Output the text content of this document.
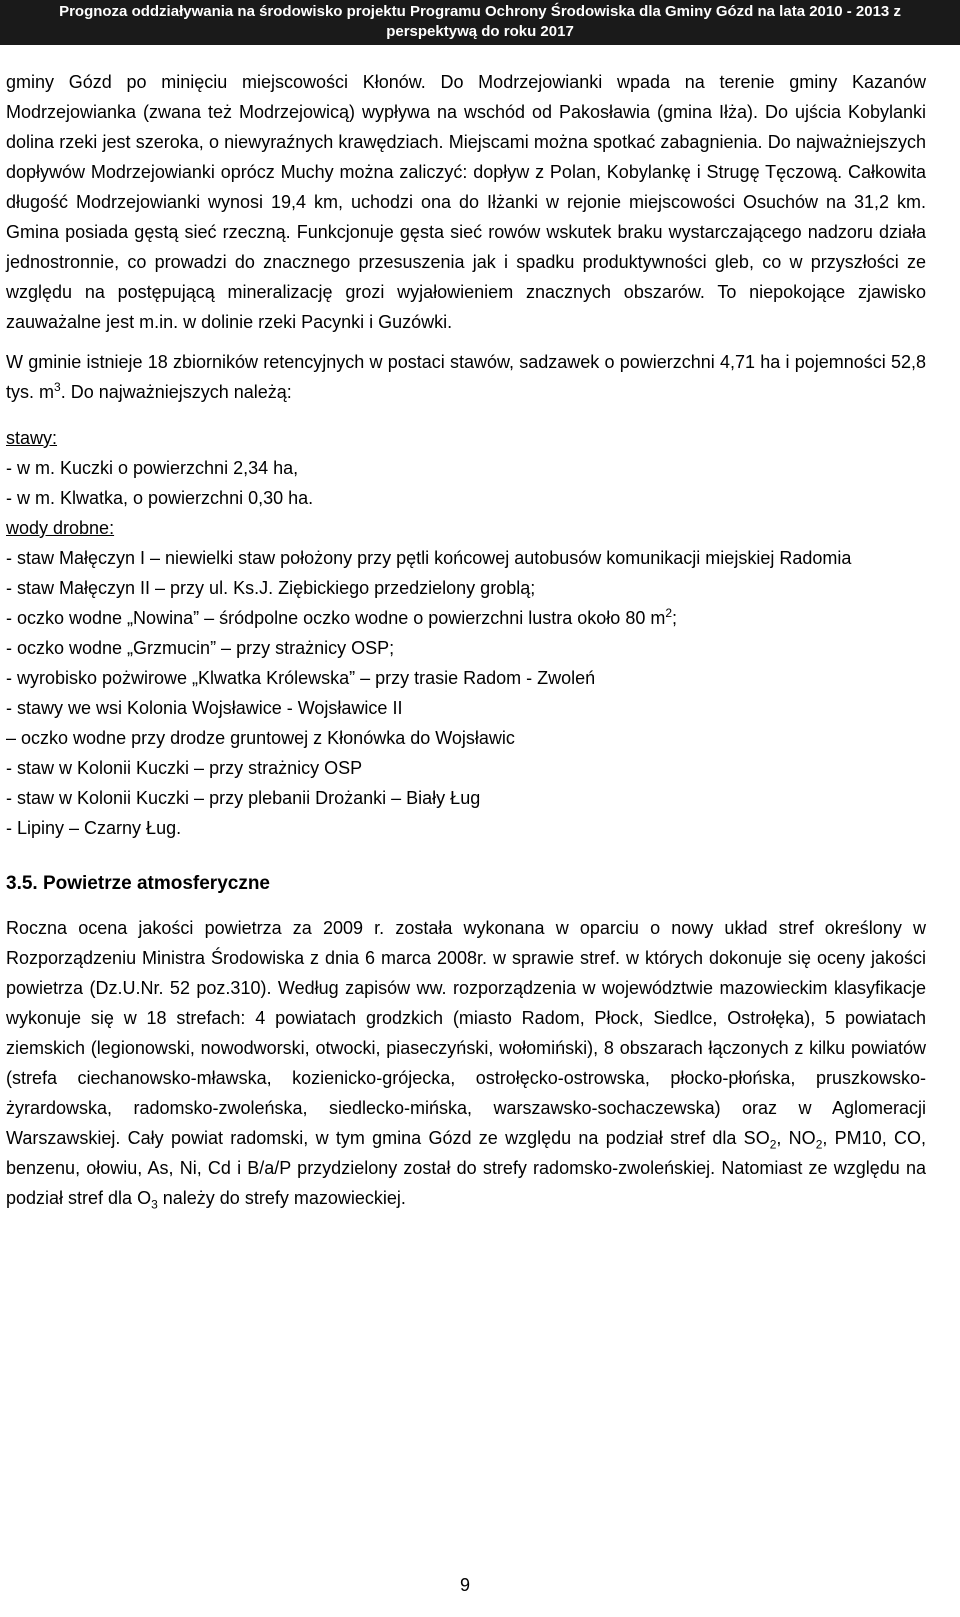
Prognoza oddziaływania na środowisko projektu Programu Ochrony Środowiska dla Gminy Gózd na lata 2010 - 2013 z
perspektywą do roku 2017

gminy Gózd po minięciu miejscowości Kłonów. Do Modrzejowianki wpada na terenie gminy Kazanów Modrzejowianka (zwana też Modrzejowicą) wypływa na wschód od Pakosławia (gmina Iłża). Do ujścia Kobylanki dolina rzeki jest szeroka, o niewyraźnych krawędziach. Miejscami można spotkać zabagnienia. Do najważniejszych dopływów Modrzejowianki oprócz Muchy można zaliczyć: dopływ z Polan, Kobylankę i Strugę Tęczową. Całkowita długość Modrzejowianki wynosi 19,4 km, uchodzi ona do Iłżanki w rejonie miejscowości Osuchów na 31,2 km. Gmina posiada gęstą sieć rzeczną. Funkcjonuje gęsta sieć rowów wskutek braku wystarczającego nadzoru działa jednostronnie, co prowadzi do znacznego przesuszenia jak i spadku produktywności gleb, co w przyszłości ze względu na postępującą mineralizację grozi wyjałowieniem znacznych obszarów. To niepokojące zjawisko zauważalne jest m.in. w dolinie rzeki Pacynki i Guzówki.

W gminie istnieje 18 zbiorników retencyjnych w postaci stawów, sadzawek o powierzchni 4,71 ha i pojemności 52,8 tys. $m^3$. Do najważniejszych należą:

stawy:
- w m. Kuczki o powierzchni 2,34 ha,
- w m. Klwatka, o powierzchni 0,30 ha.
wody drobne:

- staw Małęczyn I – niewielki staw położony przy pętli końcowej autobusów komunikacji miejskiej Radomia

- staw Małęczyn II – przy ul. Ks.J. Ziębickiego przedzielony groblą;
- oczko wodne „Nowina” – śródpolne oczko wodne o powierzchni lustra około 80 $m^2$;
- oczko wodne „Grzmucin” – przy strażnicy OSP;
- wyrobisko pożwirowe „Klwatka Królewska” – przy trasie Radom - Zwoleń
- stawy we wsi Kolonia Wojsławice - Wojsławice II
– oczko wodne przy drodze gruntowej z Kłonówka do Wojsławic
- staw w Kolonii Kuczki – przy strażnicy OSP
- staw w Kolonii Kuczki – przy plebanii Drożanki – Biały Ług
- Lipiny – Czarny Ług.

3.5. Powietrze atmosferyczne

Roczna ocena jakości powietrza za 2009 r. została wykonana w oparciu o nowy układ stref określony w Rozporządzeniu Ministra Środowiska z dnia 6 marca 2008r. w sprawie stref. w których dokonuje się oceny jakości powietrza (Dz.U.Nr. 52 poz.310). Według zapisów ww. rozporządzenia w województwie mazowieckim klasyfikacje wykonuje się w 18 strefach: 4 powiatach grodzkich (miasto Radom, Płock, Siedlce, Ostrołęka), 5 powiatach ziemskich (legionowski, nowodworski, otwocki, piaseczyński, wołomiński), 8 obszarach łączonych z kilku powiatów (strefa ciechanowsko-mławska, kozienicko-grójecka, ostrołęcko-ostrowska, płocko-płońska, pruszkowsko-żyrardowska, radomsko-zwoleńska, siedlecko-mińska, warszawsko-sochaczewska) oraz w Aglomeracji Warszawskiej. Cały powiat radomski, w tym gmina Gózd ze względu na podział stref dla $SO_2$, $NO_2$, PM10, CO, benzenu, ołowiu, As, Ni, Cd i B/a/P przydzielony został do strefy radomsko-zwoleńskiej. Natomiast ze względu na podział stref dla $O_3$ należy do strefy mazowieckiej.

9
